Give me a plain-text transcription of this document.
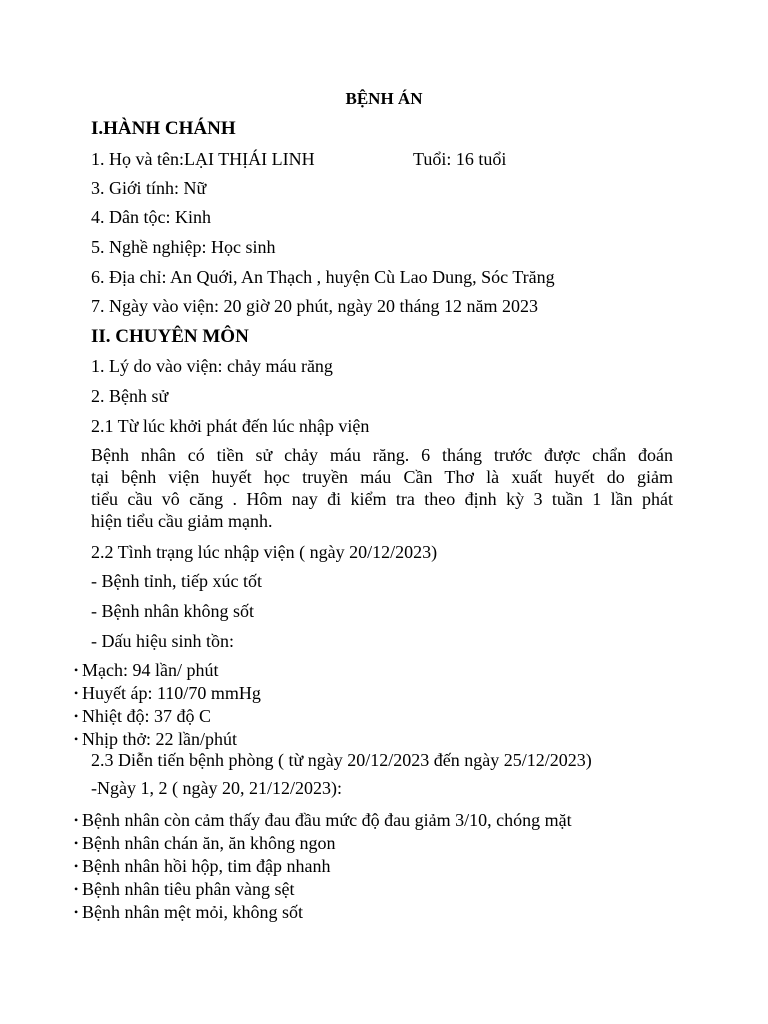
BỆNH ÁN
I.HÀNH CHÁNH
1. Họ và tên:LẠI THỊÁI LINH	Tuổi: 16 tuổi
3. Giới tính: Nữ
4. Dân tộc: Kinh
5. Nghề nghiệp: Học sinh
6. Địa chỉ: An Quới, An Thạch , huyện Cù Lao Dung, Sóc Trăng
7. Ngày vào viện: 20 giờ 20 phút, ngày 20 tháng 12 năm 2023
II. CHUYÊN MÔN
1. Lý do vào viện: chảy máu răng
2. Bệnh sử
2.1 Từ lúc khởi phát đến lúc nhập viện
Bệnh nhân có tiền sử chảy máu răng. 6 tháng trước được chẩn đoán
tại bệnh viện huyết học truyền máu Cần Thơ là xuất huyết do giảm
tiểu cầu vô căng . Hôm nay đi kiểm tra theo định kỳ 3 tuần 1 lần phát
hiện tiểu cầu giảm mạnh.
2.2 Tình trạng lúc nhập viện ( ngày 20/12/2023)
- Bệnh tỉnh, tiếp xúc tốt
- Bệnh nhân không sốt
- Dấu hiệu sinh tồn:
• Mạch: 94 lần/ phút
• Huyết áp: 110/70 mmHg
• Nhiệt độ: 37 độ C
• Nhịp thở: 22 lần/phút
2.3 Diễn tiến bệnh phòng ( từ ngày 20/12/2023 đến ngày 25/12/2023)
-Ngày 1, 2 ( ngày 20, 21/12/2023):
• Bệnh nhân còn cảm thấy đau đầu mức độ đau giảm 3/10, chóng mặt
• Bệnh nhân chán ăn, ăn không ngon
• Bệnh nhân hồi hộp, tim đập nhanh
• Bệnh nhân tiêu phân vàng sệt
• Bệnh nhân mệt mỏi, không sốt
